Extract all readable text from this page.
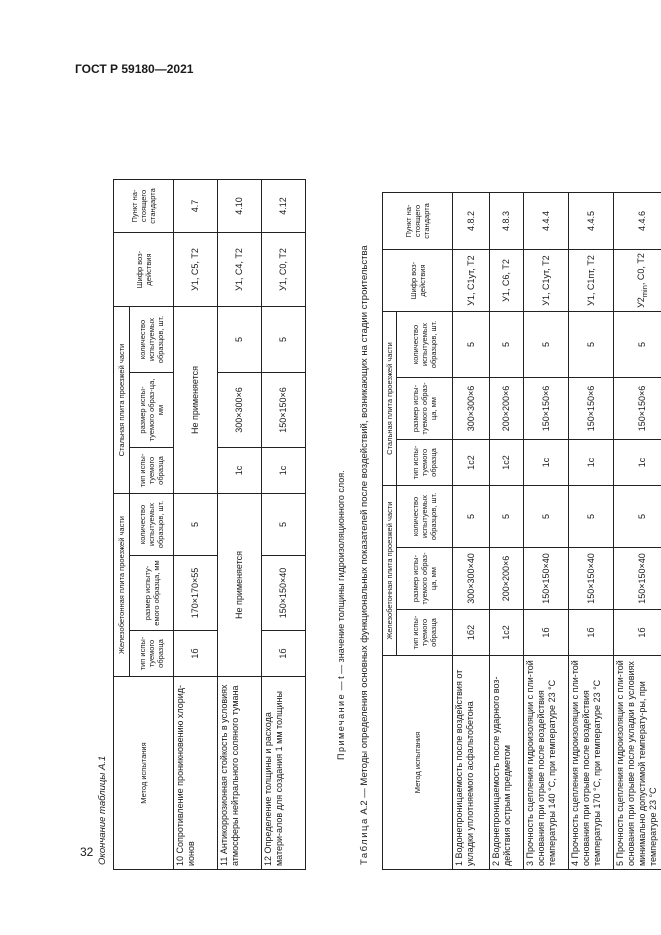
ГОСТ Р 59180—2021
32 Окончание таблицы А.1	Метод испытания	Железобетонная плита проезжей части			Стальная плита проезжей части			Шифр воз-действия	Пункт на-стоящего стандарта
	тип испы-туемого образца	размер испыту-емого образца, мм	количество испытуемых образцов, шт.	тип испы-туемого образца	размер испы-туемого образ-ца, мм	количество испытуемых образцов, шт.		
10 Сопротивление проникновению хлорид-ионов	1б	170×170×55	5	Не применяется			У1, С5, Т2	4.7
11 Антикоррозионная стойкость в условиях атмосферы нейтрального соляного тумана	Не применяется			1с	300×300×6	5	У1, С4, Т2	4.10
12 Определение толщины и расхода матери-алов для создания 1 мм толщины	1б	150×150×40	5	1с	150×150×6	5	У1, С0, Т2	4.12
Примечание — t — значение толщины гидроизоляционного слоя.
Таблица А.2 — Методы определения основных функциональных показателей после воздействий, возникающих на стадии строительства	Метод испытания	Железобетонная плита проезжей части			Стальная плита проезжей части			Шифр воз-действия	Пункт на-стоящего стандарта
	тип испы-туемого образца	размер испы-туемого образ-ца, мм	количество испытуемых образцов, шт.	тип испы-туемого образца	размер испы-туемого образ-ца, мм	количество испытуемых образцов, шт.		
1 Водонепроницаемость после воздействия от укладки уплотняемого асфальтобетона	1б2	300×300×40	5	1с2	300×300×6	5	У1, С1ут, Т2	4.8.2
2 Водонепроницаемость после ударного воз-действия острым предметом	1с2	200×200×6	5	1с2	200×200×6	5	У1, С6, Т2	4.8.3
3 Прочность сцепления гидроизоляции с пли-той основания при отрыве после воздействия температуры 140 °С, при температуре 23 °С	1б	150×150×40	5	1с	150×150×6	5	У1, С1ут, Т2	4.4.4
4 Прочность сцепления гидроизоляции с пли-той основания при отрыве после воздействия температуры 170 °С, при температуре 23 °С	1б	150×150×40	5	1с	150×150×6	5	У1, С1пт, Т2	4.4.5
5 Прочность сцепления гидроизоляции с пли-той основания при отрыве после укладки в условиях минимально допустимой температу-ры, при температуре 23 °С	1б	150×150×40	5	1с	150×150×6	5	$У2_{min}$, С0, Т2	4.4.6
